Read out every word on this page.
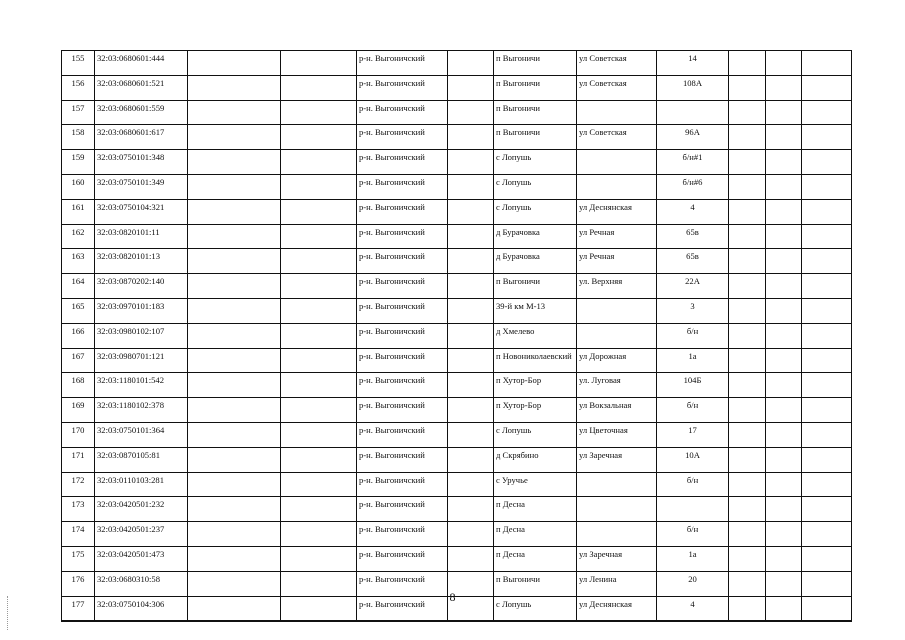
155	32:03:0680601:444			р-н. Выгоничский		п Выгоничи	ул Советская	14			
156	32:03:0680601:521			р-н. Выгоничский		п Выгоничи	ул Советская	108А			
157	32:03:0680601:559			р-н. Выгоничский		п Выгоничи					
158	32:03:0680601:617			р-н. Выгоничский		п Выгоничи	ул Советская	96А			
159	32:03:0750101:348			р-н. Выгоничский		с Лопушь		б/н#1			
160	32:03:0750101:349			р-н. Выгоничский		с Лопушь		б/н#6			
161	32:03:0750104:321			р-н. Выгоничский		с Лопушь	ул Деснянская	4			
162	32:03:0820101:11			р-н. Выгоничский		д Бурачовка	ул Речная	65в			
163	32:03:0820101:13			р-н. Выгоничский		д Бурачовка	ул Речная	65в			
164	32:03:0870202:140			р-н. Выгоничский		п Выгоничи	ул. Верхняя	22А			
165	32:03:0970101:183			р-н. Выгоничский		39-й км М-13		3			
166	32:03:0980102:107			р-н. Выгоничский		д Хмелево		б/н			
167	32:03:0980701:121			р-н. Выгоничский		п Новониколаевский	ул Дорожная	1а			
168	32:03:1180101:542			р-н. Выгоничский		п Хутор-Бор	ул. Луговая	104Б			
169	32:03:1180102:378			р-н. Выгоничский		п Хутор-Бор	ул Вокзальная	б/н			
170	32:03:0750101:364			р-н. Выгоничский		с Лопушь	ул Цветочная	17			
171	32:03:0870105:81			р-н. Выгоничский		д Скрябино	ул Заречная	10А			
172	32:03:0110103:281			р-н. Выгоничский		с Уручье		б/н			
173	32:03:0420501:232			р-н. Выгоничский		п Десна					
174	32:03:0420501:237			р-н. Выгоничский		п Десна		б/н			
175	32:03:0420501:473			р-н. Выгоничский		п Десна	ул Заречная	1а			
176	32:03:0680310:58			р-н. Выгоничский		п Выгоничи	ул Ленина	20			
177	32:03:0750104:306			р-н. Выгоничский		с Лопушь	ул Деснянская	4			
8
